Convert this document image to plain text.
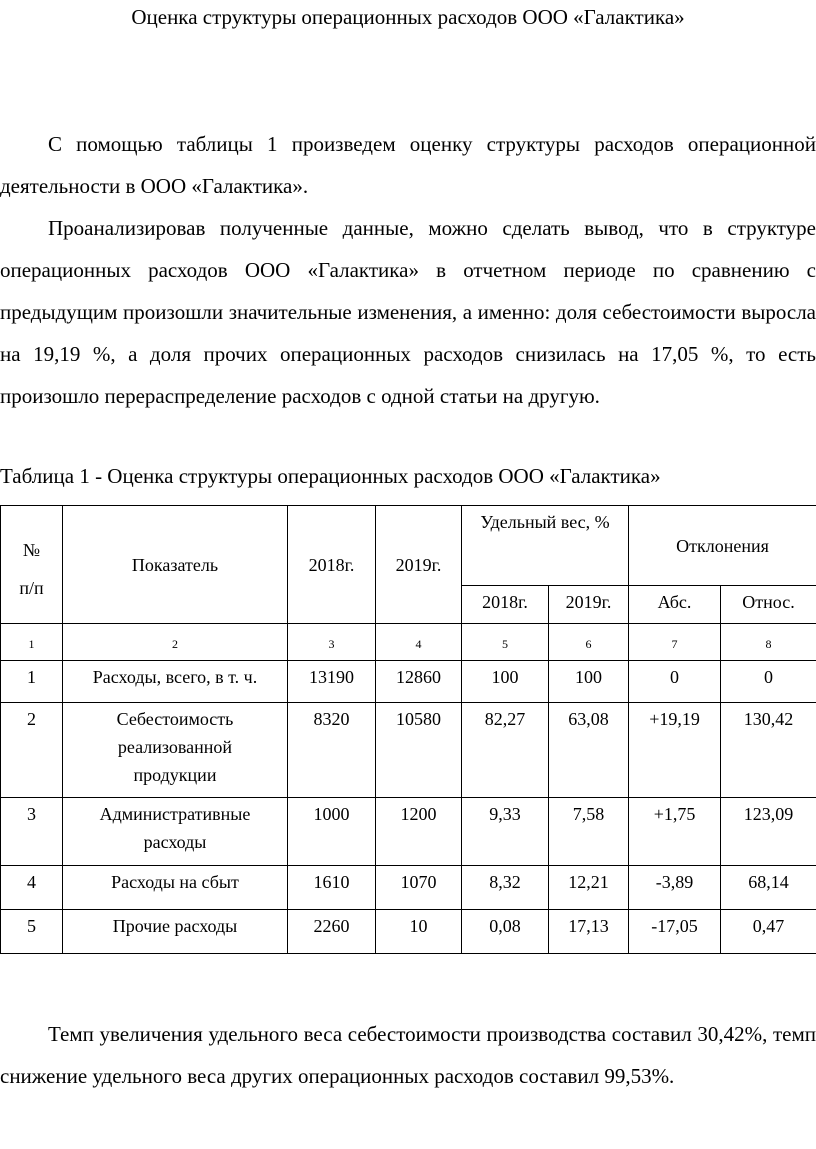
Оценка структуры операционных расходов ООО «Галактика»

С помощью таблицы 1 произведем оценку структуры расходов операционной деятельности в ООО «Галактика».

Проанализировав полученные данные, можно сделать вывод, что в структуре операционных расходов ООО «Галактика» в отчетном периоде по сравнению с предыдущим произошли значительные изменения, а именно: доля себестоимости выросла на 19,19 %, а доля прочих операционных расходов снизилась на 17,05 %, то есть произошло перераспределение расходов с одной статьи на другую.

Таблица 1 - Оценка структуры операционных расходов ООО «Галактика»
№
п/п	Показатель	2018г.	2019г.	Удельный вес, %		Отклонения	
				2018г.	2019г.	Абс.	Относ.
1	2	3	4	5	6	7	8
1	Расходы, всего, в т. ч.	13190	12860	100	100	0	0
2	Себестоимость реализованной продукции	8320	10580	82,27	63,08	+19,19	130,42
3	Административные расходы	1000	1200	9,33	7,58	+1,75	123,09
4	Расходы на сбыт	1610	1070	8,32	12,21	-3,89	68,14
5	Прочие расходы	2260	10	0,08	17,13	-17,05	0,47

Темп увеличения удельного веса себестоимости производства составил 30,42%, темп снижение удельного веса других операционных расходов составил 99,53%.
